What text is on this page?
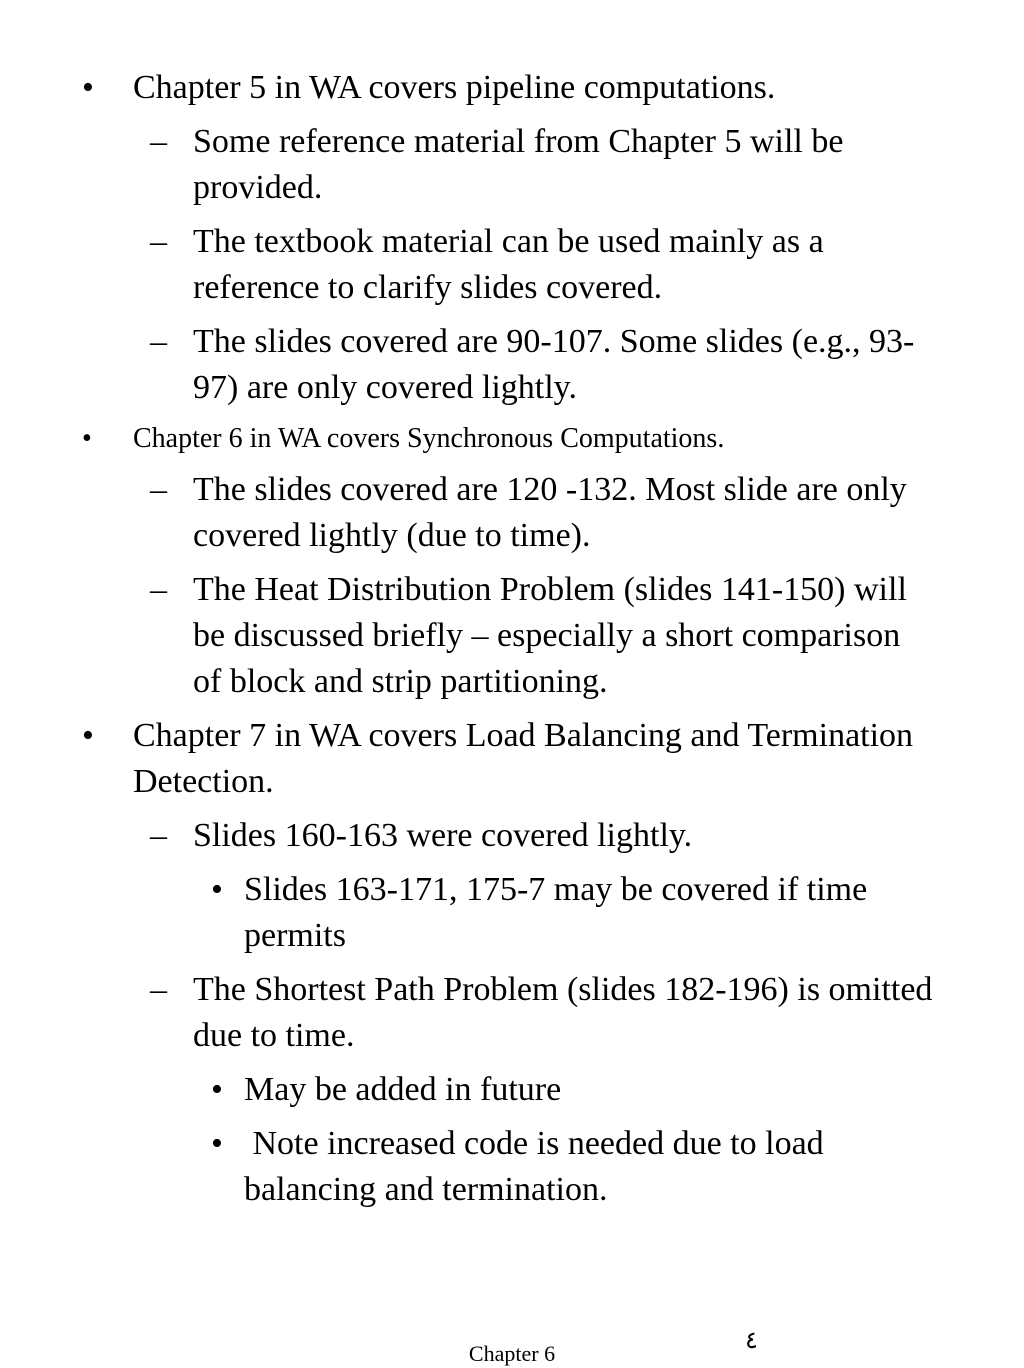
• Chapter 5 in WA covers pipeline computations.
– Some reference material from Chapter 5 will be provided.
– The textbook material can be used mainly as a reference to clarify slides covered.
– The slides covered are 90-107. Some slides (e.g., 93-97) are only covered lightly.
• Chapter 6 in WA covers Synchronous Computations.
– The slides covered are 120 -132. Most slide are only covered lightly (due to time).
– The Heat Distribution Problem (slides 141-150) will be discussed briefly – especially a short comparison of block and strip partitioning.
• Chapter 7 in WA covers Load Balancing and Termination Detection.
– Slides 160-163 were covered lightly.
• Slides 163-171, 175-7 may be covered if time permits
– The Shortest Path Problem (slides 182-196) is omitted due to time.
• May be added in future
• Note increased code is needed due to load balancing and termination.
Chapter 6	٤
